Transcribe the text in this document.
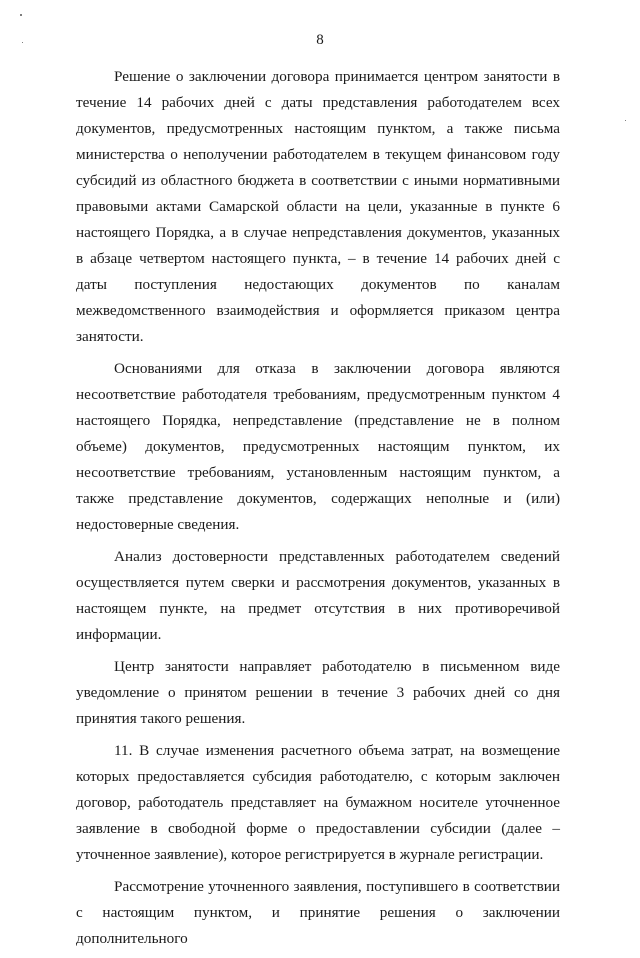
8

Решение о заключении договора принимается центром занятости в течение 14 рабочих дней с даты представления работодателем всех документов, предусмотренных настоящим пунктом, а также письма министерства о неполучении работодателем в текущем финансовом году субсидий из областного бюджета в соответствии с иными нормативными правовыми актами Самарской области на цели, указанные в пункте 6 настоящего Порядка, а в случае непредставления документов, указанных в абзаце четвертом настоящего пункта, – в течение 14 рабочих дней с даты поступления недостающих документов по каналам межведомственного взаимодействия и оформляется приказом центра занятости.

Основаниями для отказа в заключении договора являются несоответствие работодателя требованиям, предусмотренным пунктом 4 настоящего Порядка, непредставление (представление не в полном объеме) документов, предусмотренных настоящим пунктом, их несоответствие требованиям, установленным настоящим пунктом, а также представление документов, содержащих неполные и (или) недостоверные сведения.

Анализ достоверности представленных работодателем сведений осуществляется путем сверки и рассмотрения документов, указанных в настоящем пункте, на предмет отсутствия в них противоречивой информации.

Центр занятости направляет работодателю в письменном виде уведомление о принятом решении в течение 3 рабочих дней со дня принятия такого решения.

11. В случае изменения расчетного объема затрат, на возмещение которых предоставляется субсидия работодателю, с которым заключен договор, работодатель представляет на бумажном носителе уточненное заявление в свободной форме о предоставлении субсидии (далее – уточненное заявление), которое регистрируется в журнале регистрации.

Рассмотрение уточненного заявления, поступившего в соответствии с настоящим пунктом, и принятие решения о заключении дополнительного
